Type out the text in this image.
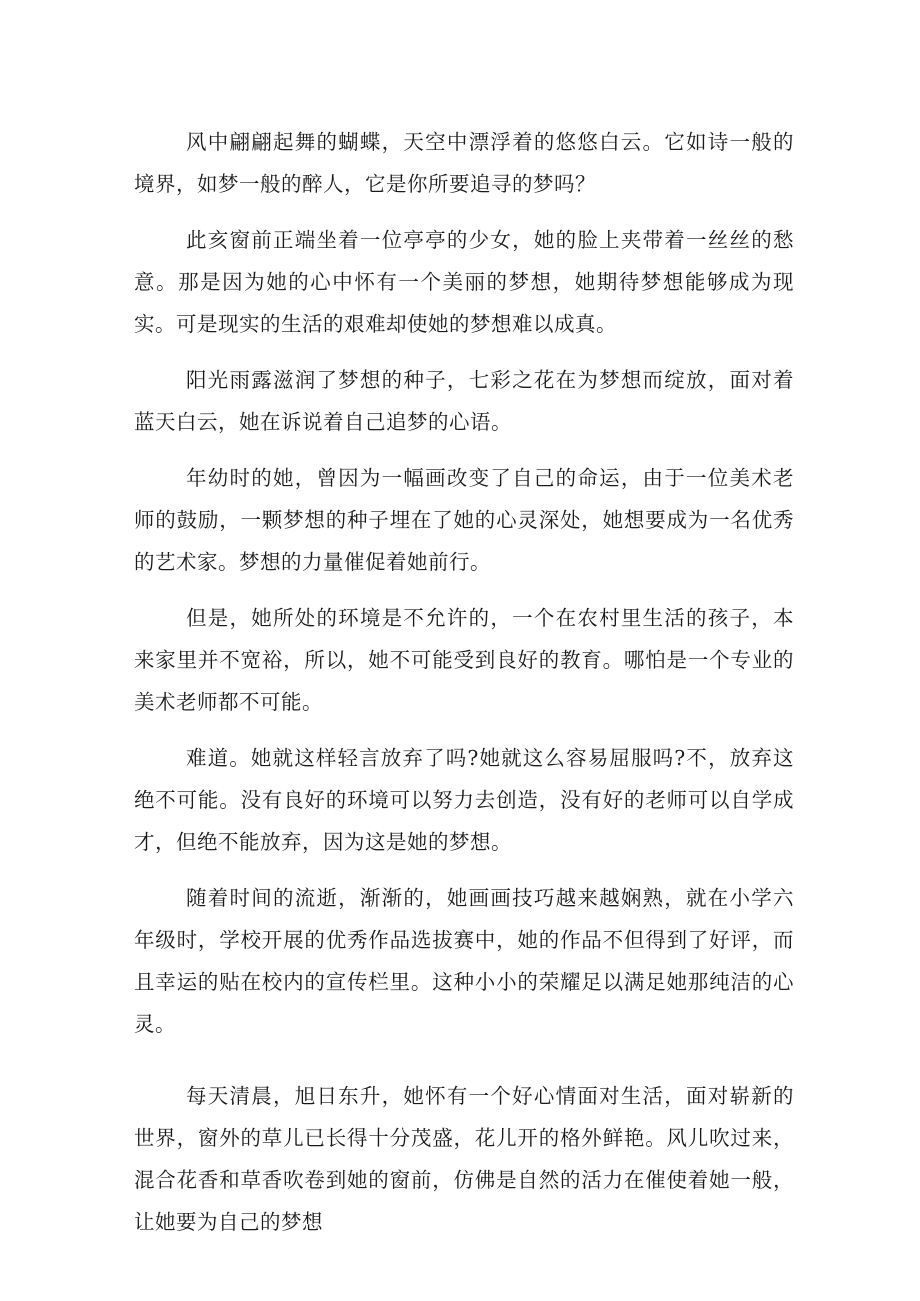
风中翩翩起舞的蝴蝶，天空中漂浮着的悠悠白云。它如诗一般的境界，如梦一般的醉人，它是你所要追寻的梦吗？

此亥窗前正端坐着一位亭亭的少女，她的脸上夹带着一丝丝的愁意。那是因为她的心中怀有一个美丽的梦想，她期待梦想能够成为现实。可是现实的生活的艰难却使她的梦想难以成真。

阳光雨露滋润了梦想的种子，七彩之花在为梦想而绽放，面对着蓝天白云，她在诉说着自己追梦的心语。

年幼时的她，曾因为一幅画改变了自己的命运，由于一位美术老师的鼓励，一颗梦想的种子埋在了她的心灵深处，她想要成为一名优秀的艺术家。梦想的力量催促着她前行。

但是，她所处的环境是不允许的，一个在农村里生活的孩子，本来家里并不宽裕，所以，她不可能受到良好的教育。哪怕是一个专业的美术老师都不可能。

难道。她就这样轻言放弃了吗?她就这么容易屈服吗?不，放弃这绝不可能。没有良好的环境可以努力去创造，没有好的老师可以自学成才，但绝不能放弃，因为这是她的梦想。

随着时间的流逝，渐渐的，她画画技巧越来越娴熟，就在小学六年级时，学校开展的优秀作品选拔赛中，她的作品不但得到了好评，而且幸运的贴在校内的宣传栏里。这种小小的荣耀足以满足她那纯洁的心灵。

每天清晨，旭日东升，她怀有一个好心情面对生活，面对崭新的世界，窗外的草儿已长得十分茂盛，花儿开的格外鲜艳。风儿吹过来，混合花香和草香吹卷到她的窗前，仿佛是自然的活力在催使着她一般，让她要为自己的梦想
